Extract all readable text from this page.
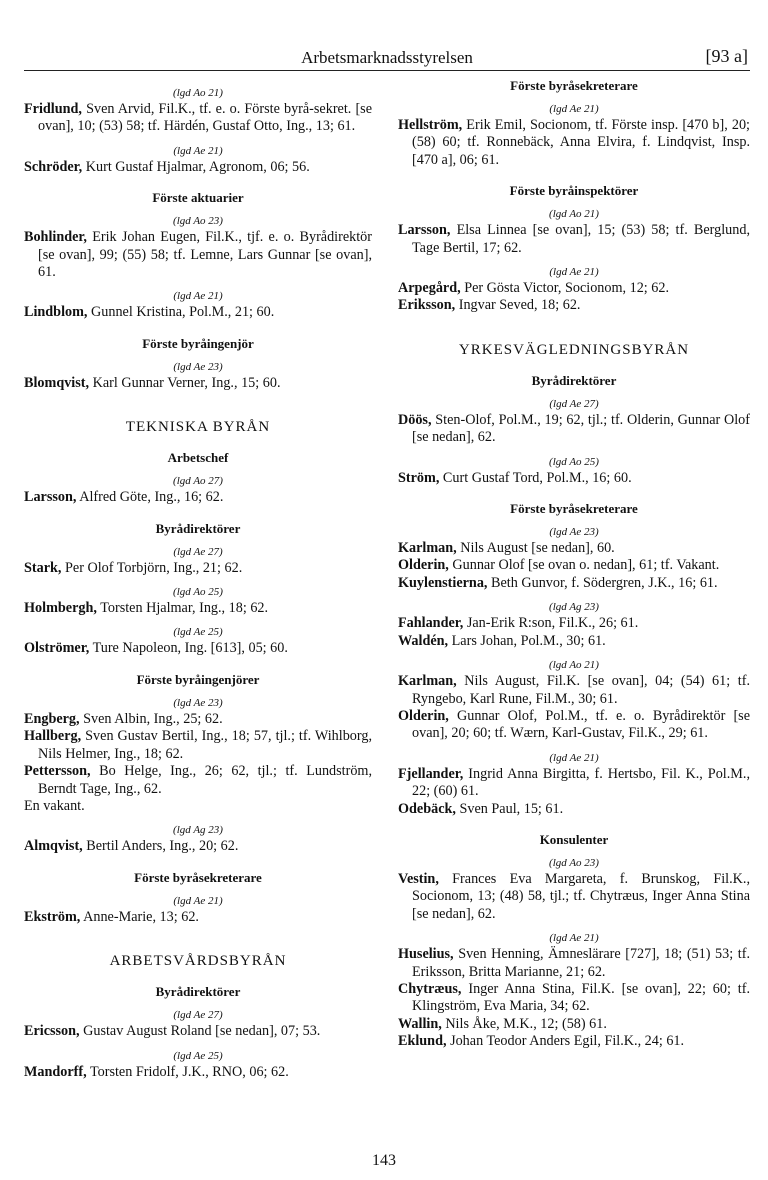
Arbetsmarknadsstyrelsen	[93 a]
(lgd Ao 21)
Fridlund, Sven Arvid, Fil.K., tf. e. o. Förste byrå-sekret. [se ovan], 10; (53) 58; tf. Härdén, Gustaf Otto, Ing., 13; 61.
(lgd Ae 21)
Schröder, Kurt Gustaf Hjalmar, Agronom, 06; 56.
Förste aktuarier
(lgd Ao 23)
Bohlinder, Erik Johan Eugen, Fil.K., tjf. e. o. Byrådirektör [se ovan], 99; (55) 58; tf. Lemne, Lars Gunnar [se ovan], 61.
(lgd Ae 21)
Lindblom, Gunnel Kristina, Pol.M., 21; 60.
Förste byråingenjör
(lgd Ae 23)
Blomqvist, Karl Gunnar Verner, Ing., 15; 60.
TEKNISKA BYRÅN
Arbetschef
(lgd Ao 27)
Larsson, Alfred Göte, Ing., 16; 62.
Byrådirektörer
(lgd Ae 27)
Stark, Per Olof Torbjörn, Ing., 21; 62.
(lgd Ao 25)
Holmbergh, Torsten Hjalmar, Ing., 18; 62.
(lgd Ae 25)
Olströmer, Ture Napoleon, Ing. [613], 05; 60.
Förste byråingenjörer
(lgd Ae 23)
Engberg, Sven Albin, Ing., 25; 62.
Hallberg, Sven Gustav Bertil, Ing., 18; 57, tjl.; tf. Wihlborg, Nils Helmer, Ing., 18; 62.
Pettersson, Bo Helge, Ing., 26; 62, tjl.; tf. Lundström, Berndt Tage, Ing., 62.
En vakant.
(lgd Ag 23)
Almqvist, Bertil Anders, Ing., 20; 62.
Förste byråsekreterare
(lgd Ae 21)
Ekström, Anne-Marie, 13; 62.
ARBETSVÅRDSBYRÅN
Byrådirektörer
(lgd Ae 27)
Ericsson, Gustav August Roland [se nedan], 07; 53.
(lgd Ae 25)
Mandorff, Torsten Fridolf, J.K., RNO, 06; 62.
Förste byråsekreterare
(lgd Ae 21)
Hellström, Erik Emil, Socionom, tf. Förste insp. [470 b], 20; (58) 60; tf. Ronnebäck, Anna Elvira, f. Lindqvist, Insp. [470 a], 06; 61.
Förste byråinspektörer
(lgd Ao 21)
Larsson, Elsa Linnea [se ovan], 15; (53) 58; tf. Berglund, Tage Bertil, 17; 62.
(lgd Ae 21)
Arpegård, Per Gösta Victor, Socionom, 12; 62.
Eriksson, Ingvar Seved, 18; 62.
YRKESVÄGLEDNINGSBYRÅN
Byrådirektörer
(lgd Ae 27)
Döös, Sten-Olof, Pol.M., 19; 62, tjl.; tf. Olderin, Gunnar Olof [se nedan], 62.
(lgd Ao 25)
Ström, Curt Gustaf Tord, Pol.M., 16; 60.
Förste byråsekreterare
(lgd Ae 23)
Karlman, Nils August [se nedan], 60.
Olderin, Gunnar Olof [se ovan o. nedan], 61; tf. Vakant.
Kuylenstierna, Beth Gunvor, f. Södergren, J.K., 16; 61.
(lgd Ag 23)
Fahlander, Jan-Erik R:son, Fil.K., 26; 61.
Waldén, Lars Johan, Pol.M., 30; 61.
(lgd Ao 21)
Karlman, Nils August, Fil.K. [se ovan], 04; (54) 61; tf. Ryngebo, Karl Rune, Fil.M., 30; 61.
Olderin, Gunnar Olof, Pol.M., tf. e. o. Byrådirektör [se ovan], 20; 60; tf. Wærn, Karl-Gustav, Fil.K., 29; 61.
(lgd Ae 21)
Fjellander, Ingrid Anna Birgitta, f. Hertsbo, Fil. K., Pol.M., 22; (60) 61.
Odebäck, Sven Paul, 15; 61.
Konsulenter
(lgd Ao 23)
Vestin, Frances Eva Margareta, f. Brunskog, Fil.K., Socionom, 13; (48) 58, tjl.; tf. Chytræus, Inger Anna Stina [se nedan], 62.
(lgd Ae 21)
Huselius, Sven Henning, Ämneslärare [727], 18; (51) 53; tf. Eriksson, Britta Marianne, 21; 62.
Chytræus, Inger Anna Stina, Fil.K. [se ovan], 22; 60; tf. Klingström, Eva Maria, 34; 62.
Wallin, Nils Åke, M.K., 12; (58) 61.
Eklund, Johan Teodor Anders Egil, Fil.K., 24; 61.
143
